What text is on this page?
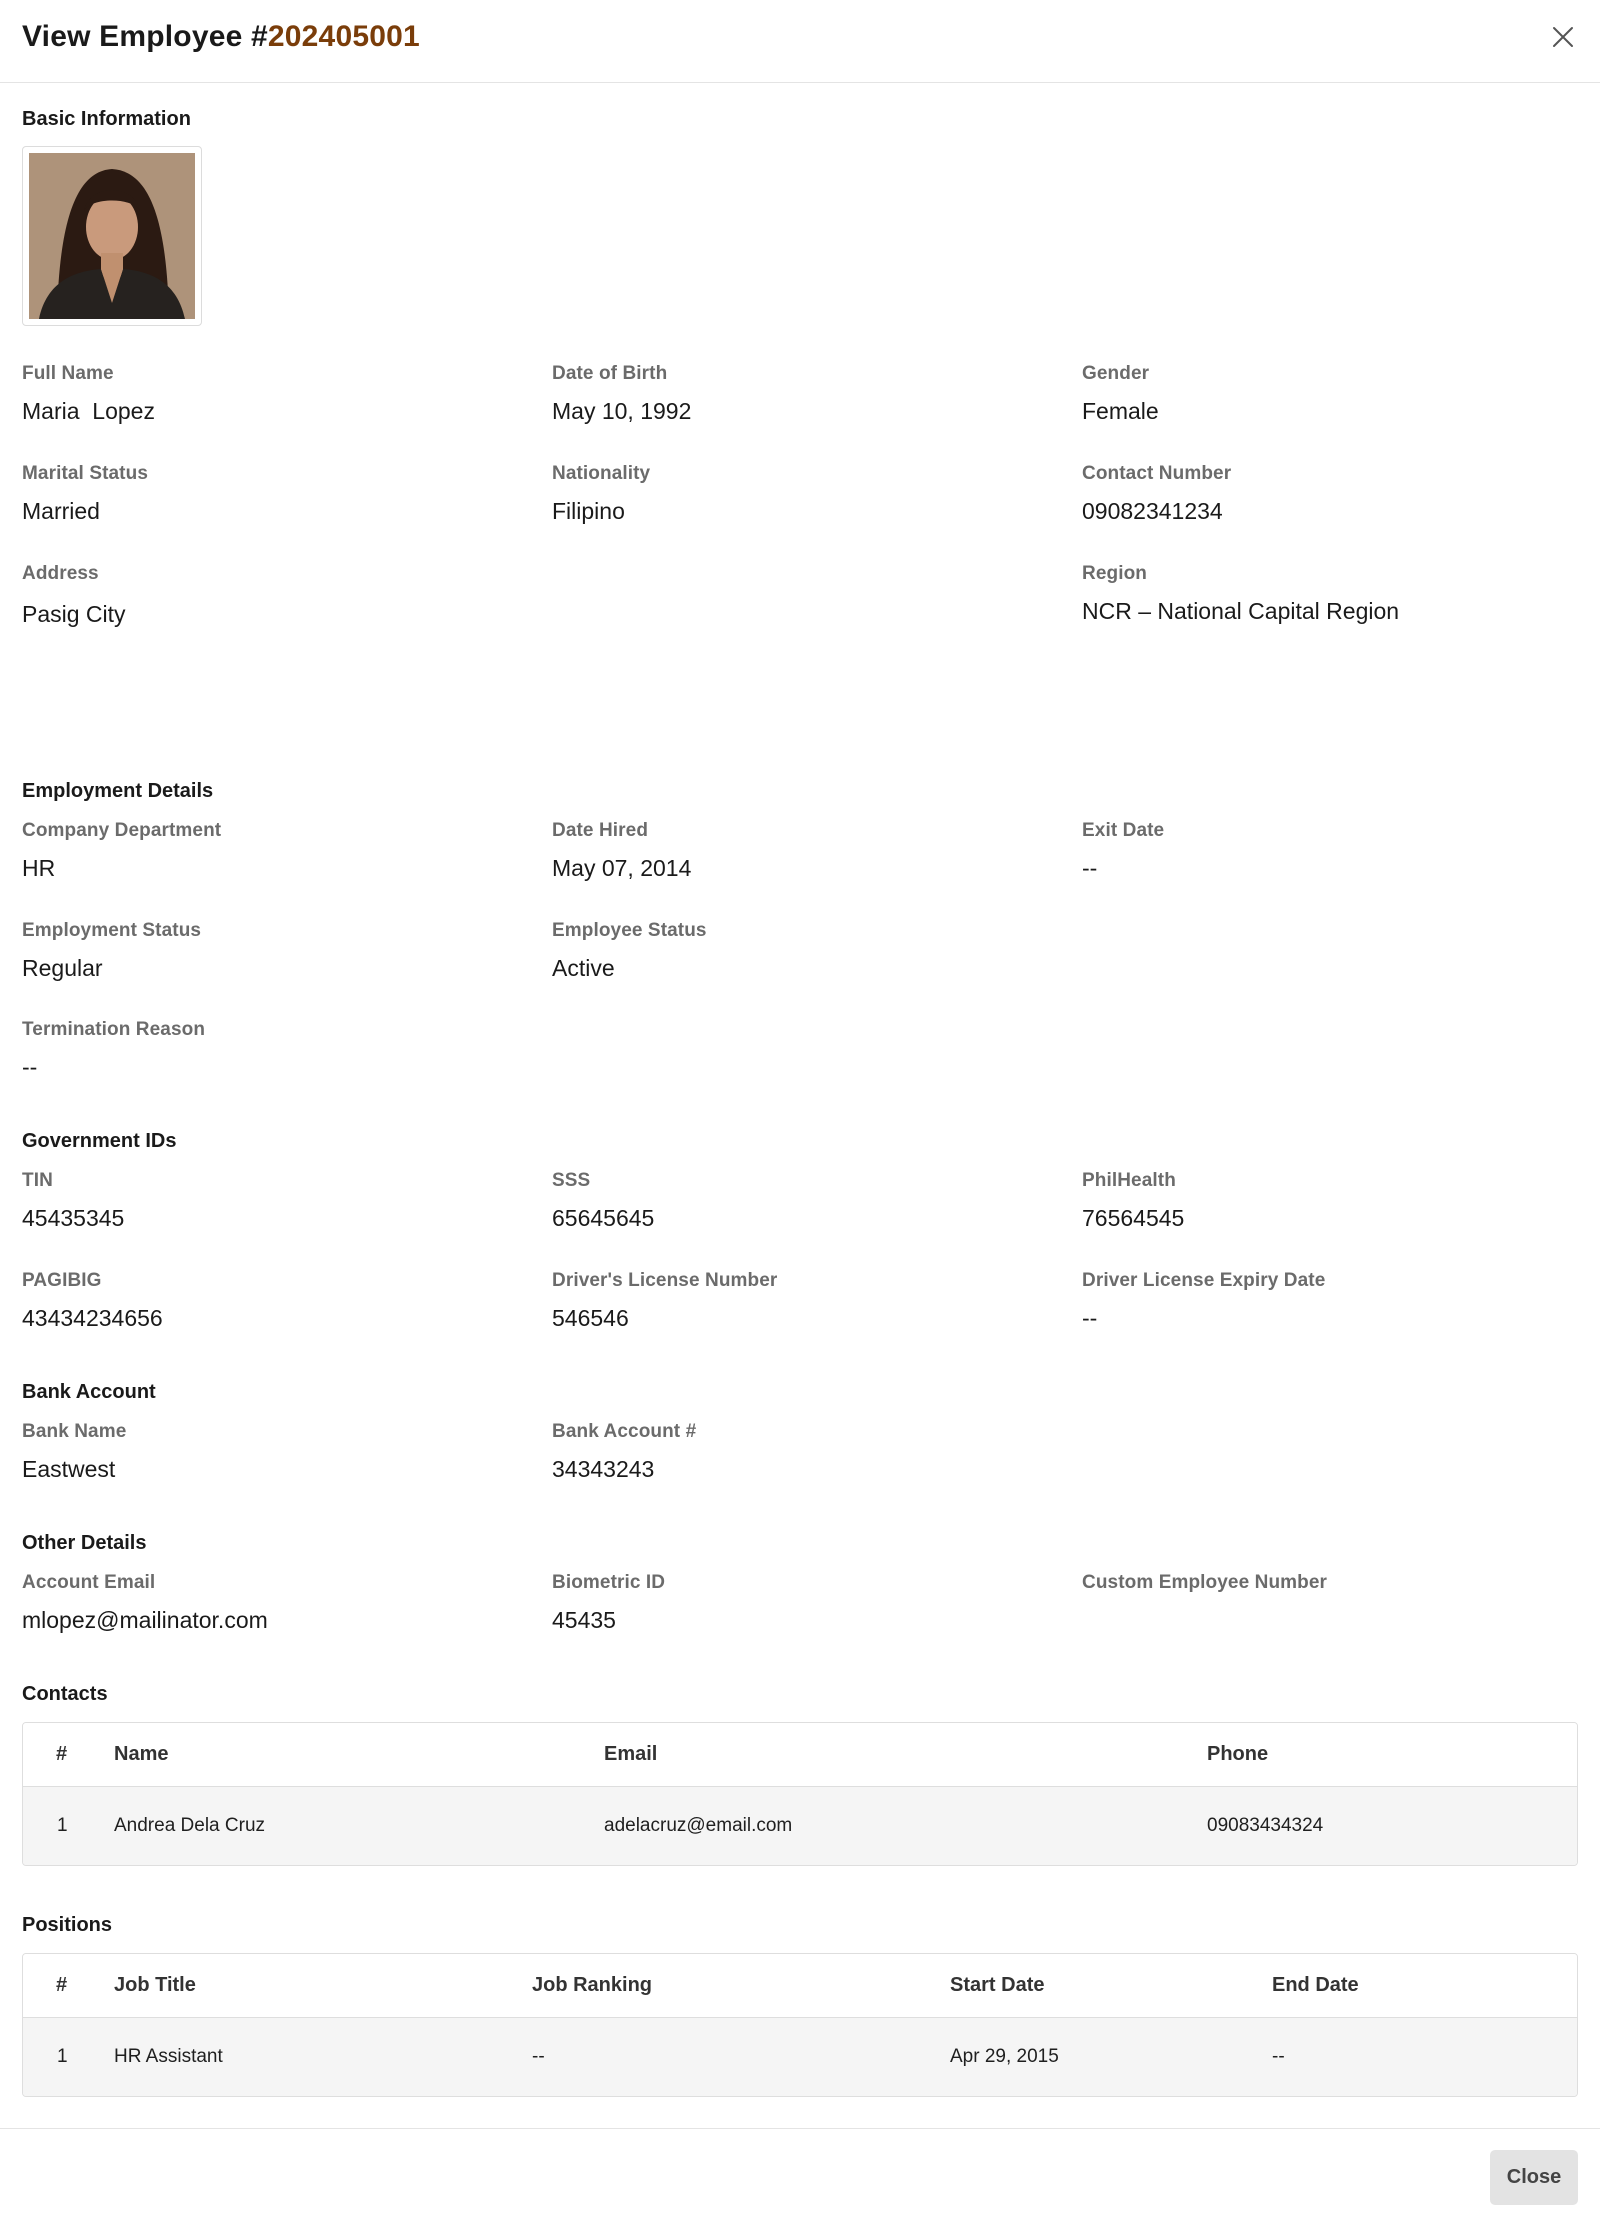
View Employee #202405001
Basic Information
Full Name
Maria  Lopez
Date of Birth
May 10, 1992
Gender
Female
Marital Status
Married
Nationality
Filipino
Contact Number
09082341234
Address
Pasig City
Region
NCR – National Capital Region
Employment Details
Company Department
HR
Date Hired
May 07, 2014
Exit Date
--
Employment Status
Regular
Employee Status
Active
Termination Reason
--
Government IDs
TIN
45435345
SSS
65645645
PhilHealth
76564545
PAGIBIG
43434234656
Driver's License Number
546546
Driver License Expiry Date
--
Bank Account
Bank Name
Eastwest
Bank Account #
34343243
Other Details
Account Email
mlopez@mailinator.com
Biometric ID
45435
Custom Employee Number
Contacts
# Name	Email	Phone
1 Andrea Dela Cruz	adelacruz@email.com	09083434324
Positions
# Job Title	Job Ranking	Start Date	End Date
1 HR Assistant	--	Apr 29, 2015	--
Close
